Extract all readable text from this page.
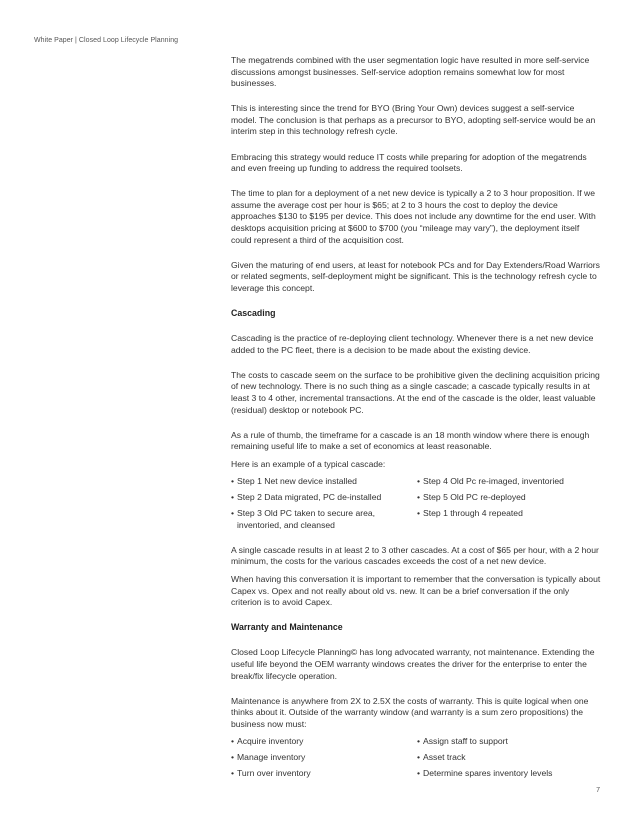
White Paper | Closed Loop Lifecycle Planning

The megatrends combined with the user segmentation logic have resulted in more self-service discussions amongst businesses. Self-service adoption remains somewhat low for most businesses.

This is interesting since the trend for BYO (Bring Your Own) devices suggest a self-service model. The conclusion is that perhaps as a precursor to BYO, adopting self-service would be an interim step in this technology refresh cycle.

Embracing this strategy would reduce IT costs while preparing for adoption of the megatrends and even freeing up funding to address the required toolsets.

The time to plan for a deployment of a net new device is typically a 2 to 3 hour proposition. If we assume the average cost per hour is $65; at 2 to 3 hours the cost to deploy the device approaches $130 to $195 per device. This does not include any downtime for the end user. With desktops acquisition pricing at $600 to $700 (you “mileage may vary”), the deployment itself could represent a third of the acquisition cost.

Given the maturing of end users, at least for notebook PCs and for Day Extenders/Road Warriors or related segments, self-deployment might be significant. This is the technology refresh cycle to leverage this concept.

Cascading

Cascading is the practice of re-deploying client technology. Whenever there is a net new device added to the PC fleet, there is a decision to be made about the existing device.

The costs to cascade seem on the surface to be prohibitive given the declining acquisition pricing of new technology. There is no such thing as a single cascade; a cascade typically results in at least 3 to 4 other, incremental transactions. At the end of the cascade is the older, least valuable (residual) desktop or notebook PC.

As a rule of thumb, the timeframe for a cascade is an 18 month window where there is enough remaining useful life to make a set of economics at least reasonable.

Here is an example of a typical cascade:

• Step 1 Net new device installed	• Step 4 Old Pc re-imaged, inventoried
• Step 2 Data migrated, PC de-installed	• Step 5 Old PC re-deployed
• Step 3 Old PC taken to secure area, inventoried, and cleansed
• Step 1 through 4 repeated

A single cascade results in at least 2 to 3 other cascades. At a cost of $65 per hour, with a 2 hour minimum, the costs for the various cascades exceeds the cost of a net new device.

When having this conversation it is important to remember that the conversation is typically about Capex vs. Opex and not really about old vs. new. It can be a brief conversation if the only criterion is to avoid Capex.

Warranty and Maintenance

Closed Loop Lifecycle Planning© has long advocated warranty, not maintenance. Extending the useful life beyond the OEM warranty windows creates the driver for the enterprise to enter the break/fix lifecycle operation.

Maintenance is anywhere from 2X to 2.5X the costs of warranty. This is quite logical when one thinks about it. Outside of the warranty window (and warranty is a sum zero propositions) the business now must:

• Acquire inventory	• Assign staff to support
• Manage inventory	• Asset track
• Turn over inventory	• Determine spares inventory levels
7
